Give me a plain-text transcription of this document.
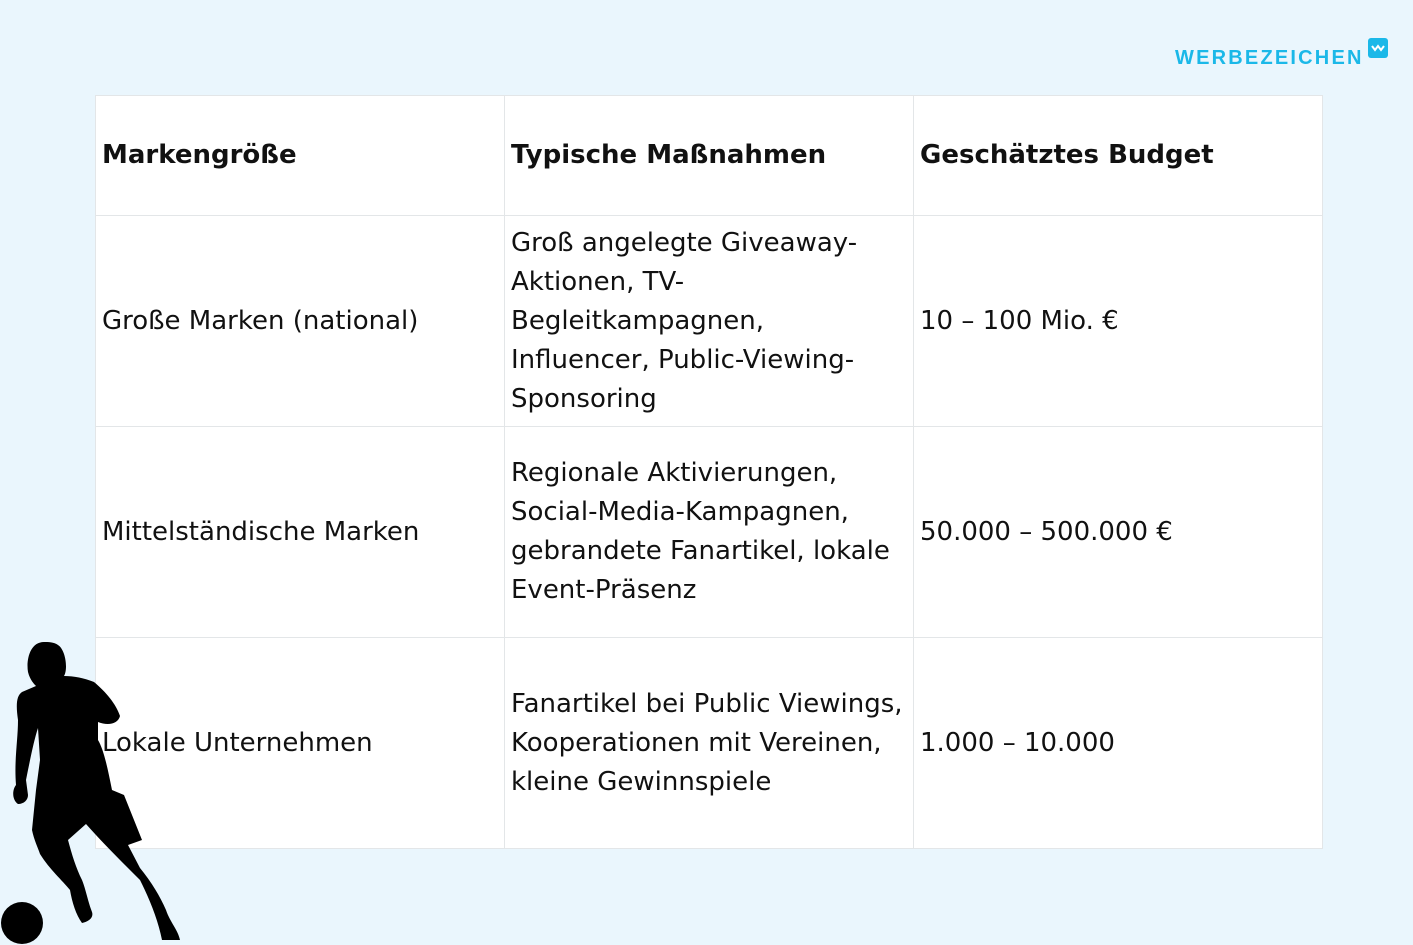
WERBEZEICHEN
Markengröße	Typische Maßnahmen	Geschätztes Budget
Große Marken (national)	Groß angelegte Giveaway-Aktionen, TV-Begleitkampagnen, Influencer, Public-Viewing-Sponsoring	10 – 100 Mio. €
Mittelständische Marken	Regionale Aktivierungen, Social-Media-Kampagnen, gebrandete Fanartikel, lokale Event-Präsenz	50.000 – 500.000 €
Lokale Unternehmen	Fanartikel bei Public Viewings, Kooperationen mit Vereinen, kleine Gewinnspiele	1.000 – 10.000
